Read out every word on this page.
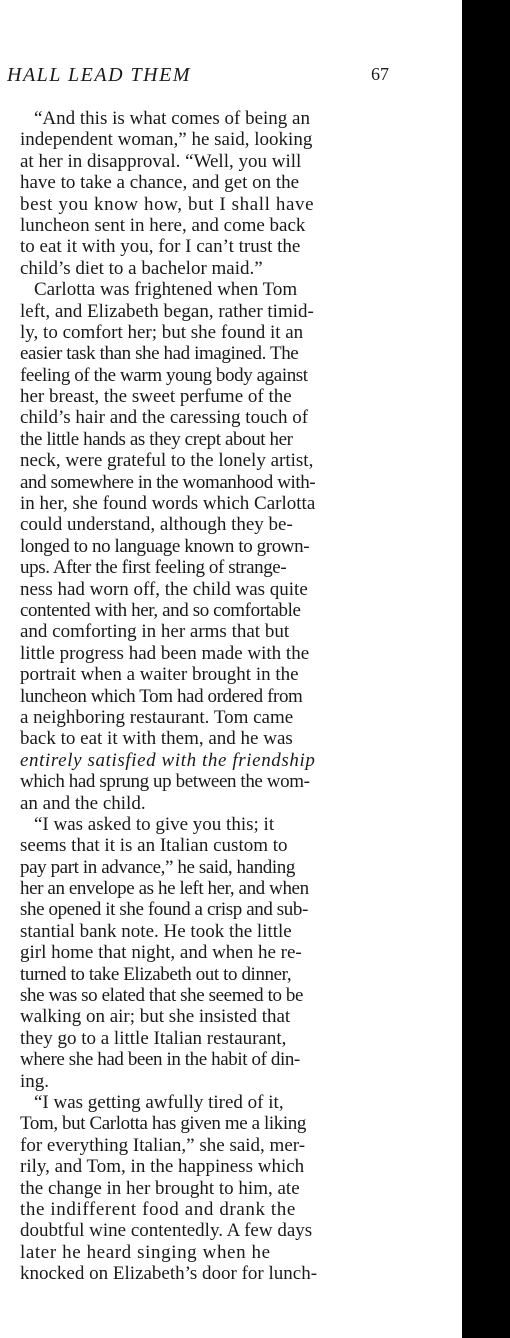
HALL LEAD THEM	67
“And this is what comes of being an
independent woman,” he said, looking
at her in disapproval. “Well, you will
have to take a chance, and get on the
best you know how, but I shall have
luncheon sent in here, and come back
to eat it with you, for I can’t trust the
child’s diet to a bachelor maid.”
Carlotta was frightened when Tom
left, and Elizabeth began, rather timid-
ly, to comfort her; but she found it an
easier task than she had imagined. The
feeling of the warm young body against
her breast, the sweet perfume of the
child’s hair and the caressing touch of
the little hands as they crept about her
neck, were grateful to the lonely artist,
and somewhere in the womanhood with-
in her, she found words which Carlotta
could understand, although they be-
longed to no language known to grown-
ups. After the first feeling of strange-
ness had worn off, the child was quite
contented with her, and so comfortable
and comforting in her arms that but
little progress had been made with the
portrait when a waiter brought in the
luncheon which Tom had ordered from
a neighboring restaurant. Tom came
back to eat it with them, and he was
entirely satisfied with the friendship
which had sprung up between the wom-
an and the child.
“I was asked to give you this; it
seems that it is an Italian custom to
pay part in advance,” he said, handing
her an envelope as he left her, and when
she opened it she found a crisp and sub-
stantial bank note. He took the little
girl home that night, and when he re-
turned to take Elizabeth out to dinner,
she was so elated that she seemed to be
walking on air; but she insisted that
they go to a little Italian restaurant,
where she had been in the habit of din-
ing.
“I was getting awfully tired of it,
Tom, but Carlotta has given me a liking
for everything Italian,” she said, mer-
rily, and Tom, in the happiness which
the change in her brought to him, ate
the indifferent food and drank the
doubtful wine contentedly. A few days
later he heard singing when he
knocked on Elizabeth’s door for lunch-
